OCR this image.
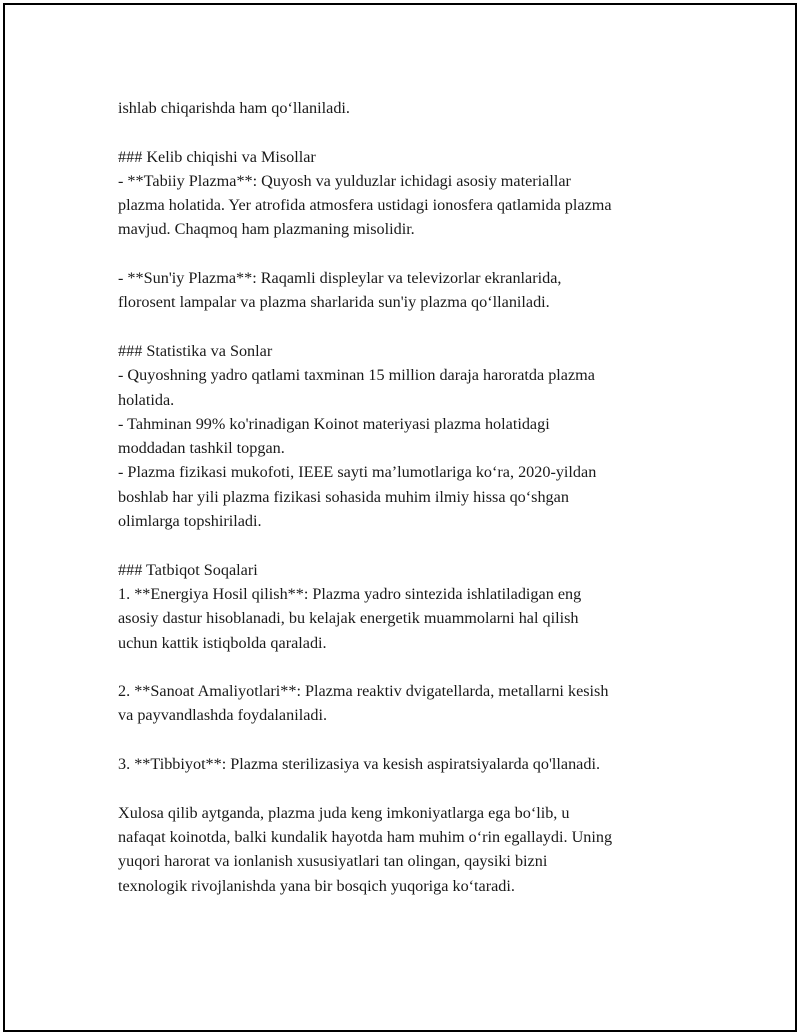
ishlab chiqarishda ham qo‘llaniladi.
### Kelib chiqishi va Misollar
- **Tabiiy Plazma**: Quyosh va yulduzlar ichidagi asosiy materiallar
plazma holatida. Yer atrofida atmosfera ustidagi ionosfera qatlamida plazma
mavjud. Chaqmoq ham plazmaning misolidir.
- **Sun'iy Plazma**: Raqamli displeylar va televizorlar ekranlarida,
florosent lampalar va plazma sharlarida sun'iy plazma qo‘llaniladi.
### Statistika va Sonlar
- Quyoshning yadro qatlami taxminan 15 million daraja haroratda plazma
holatida.
- Tahminan 99% ko'rinadigan Koinot materiyasi plazma holatidagi
moddadan tashkil topgan.
- Plazma fizikasi mukofoti, IEEE sayti ma’lumotlariga ko‘ra, 2020-yildan
boshlab har yili plazma fizikasi sohasida muhim ilmiy hissa qo‘shgan
olimlarga topshiriladi.
### Tatbiqot Soqalari
1. **Energiya Hosil qilish**: Plazma yadro sintezida ishlatiladigan eng
asosiy dastur hisoblanadi, bu kelajak energetik muammolarni hal qilish
uchun kattik istiqbolda qaraladi.
2. **Sanoat Amaliyotlari**: Plazma reaktiv dvigatellarda, metallarni kesish
va payvandlashda foydalaniladi.
3. **Tibbiyot**: Plazma sterilizasiya va kesish aspiratsiyalarda qo'llanadi.
Xulosa qilib aytganda, plazma juda keng imkoniyatlarga ega bo‘lib, u
nafaqat koinotda, balki kundalik hayotda ham muhim o‘rin egallaydi. Uning
yuqori harorat va ionlanish xususiyatlari tan olingan, qaysiki bizni
texnologik rivojlanishda yana bir bosqich yuqoriga ko‘taradi.
